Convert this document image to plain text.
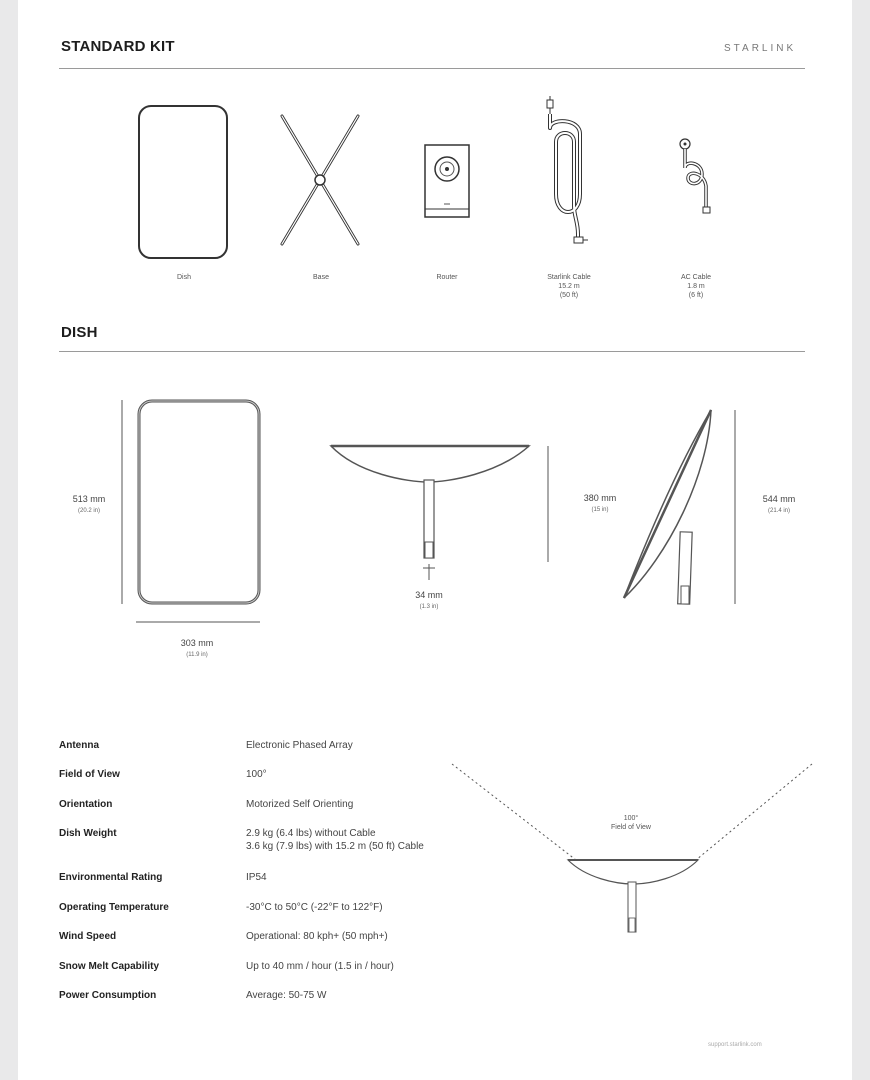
STANDARD KIT	STARLINK
Dish	Base	Router	Starlink Cable
15.2 m
(50 ft)
AC Cable
1.8 m
(6 ft)
DISH
513 mm
(20.2 in)
303 mm
(11.9 in)
34 mm
(1.3 in)
380 mm
(15 in)
544 mm
(21.4 in)
Antenna	Electronic Phased Array
Field of View	100°
Orientation	Motorized Self Orienting
Dish Weight	2.9 kg (6.4 lbs) without Cable
3.6 kg (7.9 lbs) with 15.2 m (50 ft) Cable
Environmental Rating	IP54
Operating Temperature	-30°C to 50°C (-22°F to 122°F)
Wind Speed	Operational: 80 kph+ (50 mph+)
Snow Melt Capability	Up to 40 mm / hour (1.5 in / hour)
Power Consumption	Average: 50-75 W
100°
Field of View
support.starlink.com
